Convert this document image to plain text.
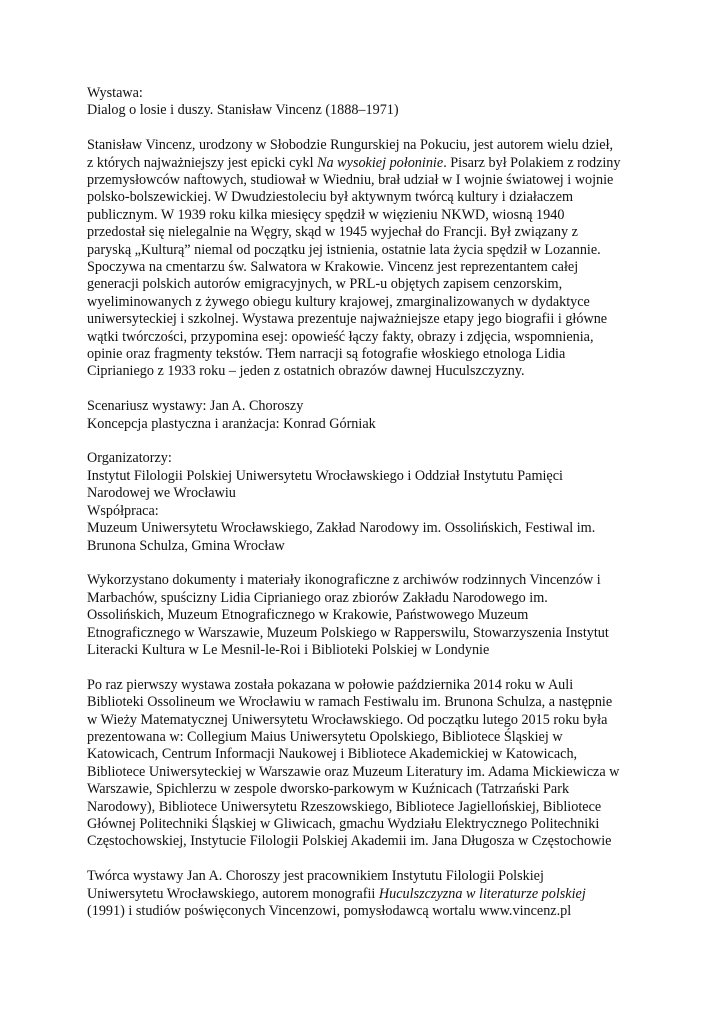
Wystawa:
Dialog o losie i duszy. Stanisław Vincenz (1888–1971)
Stanisław Vincenz, urodzony w Słobodzie Rungurskiej na Pokuciu, jest autorem wielu dzieł,
z których najważniejszy jest epicki cykl Na wysokiej połoninie. Pisarz był Polakiem z rodziny
przemysłowców naftowych, studiował w Wiedniu, brał udział w I wojnie światowej i wojnie
polsko-bolszewickiej. W Dwudziestoleciu był aktywnym twórcą kultury i działaczem
publicznym. W 1939 roku kilka miesięcy spędził w więzieniu NKWD, wiosną 1940
przedostał się nielegalnie na Węgry, skąd w 1945 wyjechał do Francji. Był związany z
paryską „Kulturą” niemal od początku jej istnienia, ostatnie lata życia spędził w Lozannie.
Spoczywa na cmentarzu św. Salwatora w Krakowie. Vincenz jest reprezentantem całej
generacji polskich autorów emigracyjnych, w PRL-u objętych zapisem cenzorskim,
wyeliminowanych z żywego obiegu kultury krajowej, zmarginalizowanych w dydaktyce
uniwersyteckiej i szkolnej. Wystawa prezentuje najważniejsze etapy jego biografii i główne
wątki twórczości, przypomina esej: opowieść łączy fakty, obrazy i zdjęcia, wspomnienia,
opinie oraz fragmenty tekstów. Tłem narracji są fotografie włoskiego etnologa Lidia
Ciprianiego z 1933 roku – jeden z ostatnich obrazów dawnej Huculszczyzny.
Scenariusz wystawy: Jan A. Choroszy
Koncepcja plastyczna i aranżacja: Konrad Górniak
Organizatorzy:
Instytut Filologii Polskiej Uniwersytetu Wrocławskiego i Oddział Instytutu Pamięci
Narodowej we Wrocławiu
Współpraca:
Muzeum Uniwersytetu Wrocławskiego, Zakład Narodowy im. Ossolińskich, Festiwal im.
Brunona Schulza, Gmina Wrocław
Wykorzystano dokumenty i materiały ikonograficzne z archiwów rodzinnych Vincenzów i
Marbachów, spuścizny Lidia Ciprianiego oraz zbiorów Zakładu Narodowego im.
Ossolińskich, Muzeum Etnograficznego w Krakowie, Państwowego Muzeum
Etnograficznego w Warszawie, Muzeum Polskiego w Rapperswilu, Stowarzyszenia Instytut
Literacki Kultura w Le Mesnil-le-Roi i Biblioteki Polskiej w Londynie
Po raz pierwszy wystawa została pokazana w połowie października 2014 roku w Auli
Biblioteki Ossolineum we Wrocławiu w ramach Festiwalu im. Brunona Schulza, a następnie
w Wieży Matematycznej Uniwersytetu Wrocławskiego. Od początku lutego 2015 roku była
prezentowana w: Collegium Maius Uniwersytetu Opolskiego, Bibliotece Śląskiej w
Katowicach, Centrum Informacji Naukowej i Bibliotece Akademickiej w Katowicach,
Bibliotece Uniwersyteckiej w Warszawie oraz Muzeum Literatury im. Adama Mickiewicza w
Warszawie, Spichlerzu w zespole dworsko-parkowym w Kuźnicach (Tatrzański Park
Narodowy), Bibliotece Uniwersytetu Rzeszowskiego, Bibliotece Jagiellońskiej, Bibliotece
Głównej Politechniki Śląskiej w Gliwicach, gmachu Wydziału Elektrycznego Politechniki
Częstochowskiej, Instytucie Filologii Polskiej Akademii im. Jana Długosza w Częstochowie
Twórca wystawy Jan A. Choroszy jest pracownikiem Instytutu Filologii Polskiej
Uniwersytetu Wrocławskiego, autorem monografii Huculszczyzna w literaturze polskiej
(1991) i studiów poświęconych Vincenzowi, pomysłodawcą wortalu www.vincenz.pl
